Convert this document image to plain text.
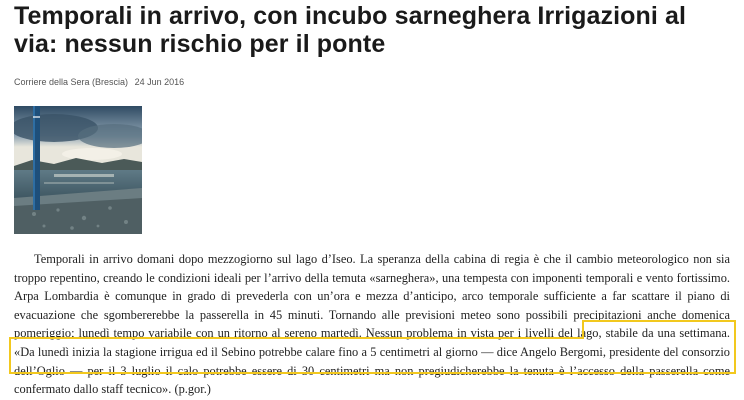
Temporali in arrivo, con incubo sarneghera Irrigazioni al via: nessun rischio per il ponte
Corriere della Sera (Brescia) 24 Jun 2016

Temporali in arrivo domani dopo mezzogiorno sul lago d’Iseo. La speranza della cabina di regia è che il cambio meteorologico non sia troppo repentino, creando le condizioni ideali per l’arrivo della temuta «sarneghera», una tempesta con imponenti temporali e vento fortissimo. Arpa Lombardia è comunque in grado di prevederla con un’ora e mezza d’anticipo, arco temporale sufficiente a far scattare il piano di evacuazione che sgombererebbe la passerella in 45 minuti. Tornando alle previsioni meteo sono possibili precipitazioni anche domenica pomeriggio; lunedì tempo variabile con un ritorno al sereno martedì. Nessun problema in vista per i livelli del lago, stabile da una settimana. «Da lunedì inizia la stagione irrigua ed il Sebino potrebbe calare fino a 5 centimetri al giorno — dice Angelo Bergomi, presidente del consorzio dell’Oglio — per il 3 luglio il calo potrebbe essere di 30 centimetri ma non pregiudicherebbe la tenuta è l’accesso della passerella come confermato dallo staff tecnico». (p.gor.)
